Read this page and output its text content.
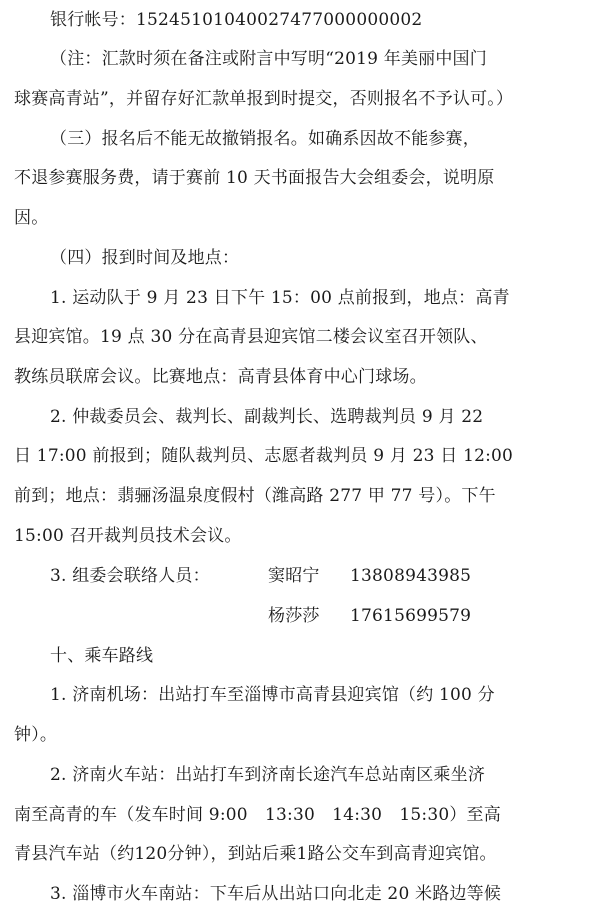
银行帐号：15245101040027477000000002
（注：汇款时须在备注或附言中写明“2019 年美丽中国门
球赛高青站”，并留存好汇款单报到时提交，否则报名不予认可。）
（三）报名后不能无故撤销报名。如确系因故不能参赛，
不退参赛服务费，请于赛前 10 天书面报告大会组委会，说明原
因。
（四）报到时间及地点：
1. 运动队于 9 月 23 日下午 15：00 点前报到，地点：高青
县迎宾馆。19 点 30 分在高青县迎宾馆二楼会议室召开领队、
教练员联席会议。比赛地点：高青县体育中心门球场。
2. 仲裁委员会、裁判长、副裁判长、选聘裁判员 9 月 22
日 17:00 前报到；随队裁判员、志愿者裁判员 9 月 23 日 12:00
前到；地点：翡骊汤温泉度假村（潍高路 277 甲 77 号）。下午
15:00 召开裁判员技术会议。
3. 组委会联络人员：	窦昭宁 13808943985
杨莎莎 17615699579
十、乘车路线
1. 济南机场：出站打车至淄博市高青县迎宾馆（约 100 分
钟）。
2. 济南火车站：出站打车到济南长途汽车总站南区乘坐济
南至高青的车（发车时间 9:00　13:30　14:30　15:30）至高
青县汽车站（约120分钟），到站后乘1路公交车到高青迎宾馆。
3. 淄博市火车南站：下车后从出站口向北走 20 米路边等候
